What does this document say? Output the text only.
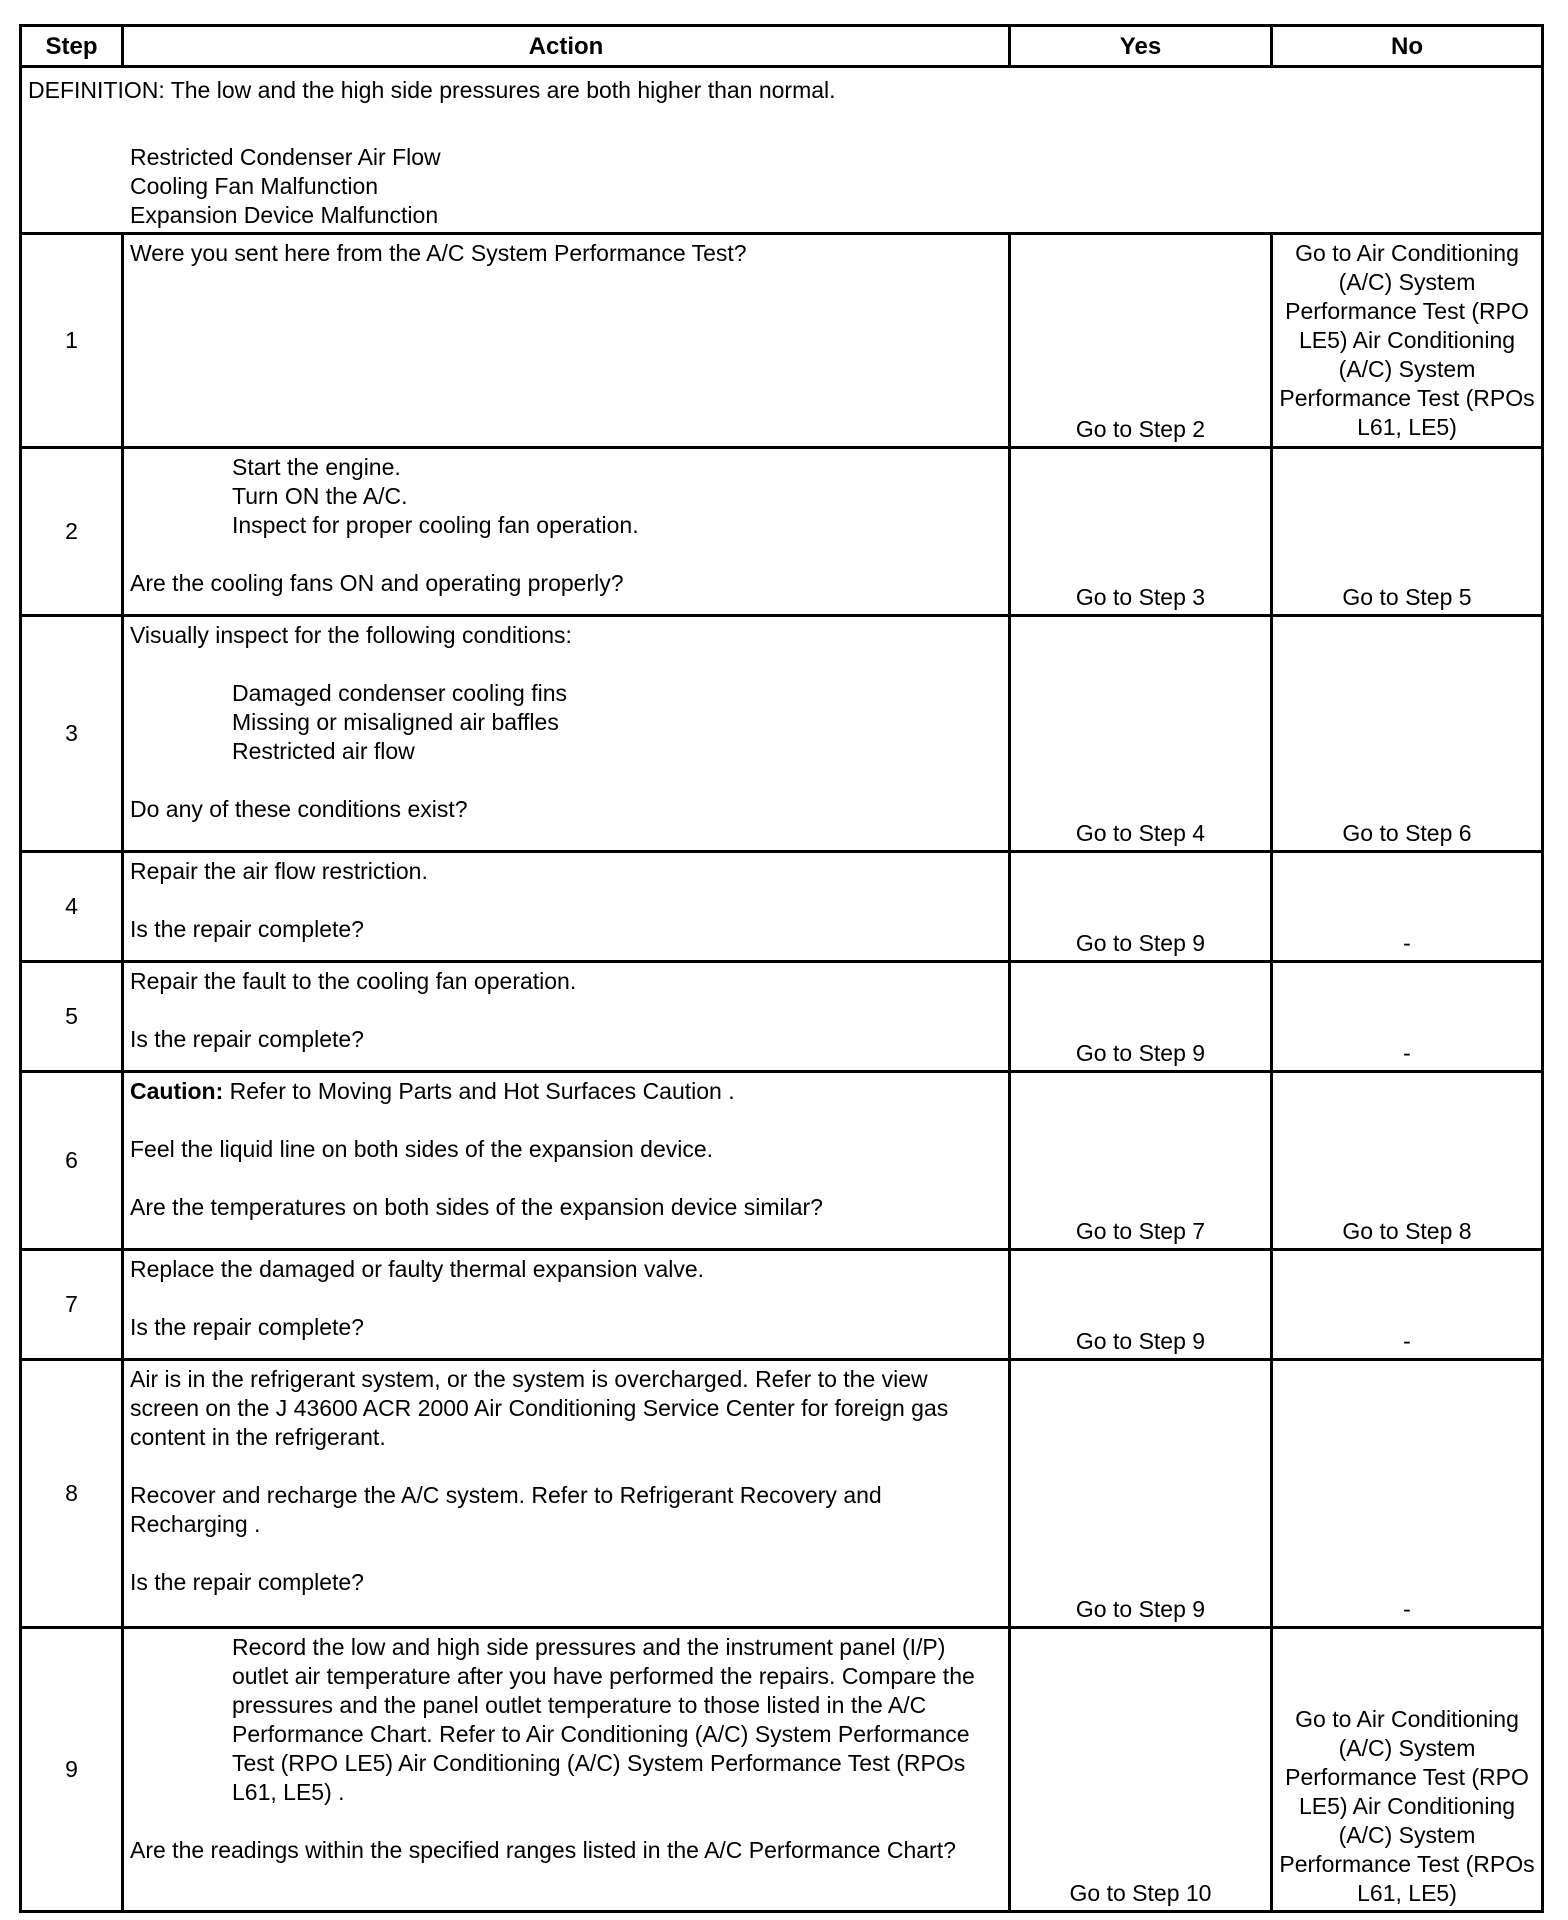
Step	Action	Yes	No

DEFINITION: The low and the high side pressures are both higher than normal.

Restricted Condenser Air Flow

Cooling Fan Malfunction

Expansion Device Malfunction			

1	Were you sent here from the A/C System Performance Test?	Go to Step 2	Go to Air Conditioning (A/C) System Performance Test (RPO LE5) Air Conditioning (A/C) System Performance Test (RPOs L61, LE5)
2	Start the engine.

Turn ON the A/C.

Inspect for proper cooling fan operation.

Are the cooling fans ON and operating properly?	Go to Step 3	Go to Step 5
3	Visually inspect for the following conditions:

Damaged condenser cooling fins

Missing or misaligned air baffles

Restricted air flow

Do any of these conditions exist?	Go to Step 4	Go to Step 6
4	Repair the air flow restriction.

Is the repair complete?	Go to Step 9	-
5	Repair the fault to the cooling fan operation.

Is the repair complete?	Go to Step 9	-
6	Caution: Refer to Moving Parts and Hot Surfaces Caution .

Feel the liquid line on both sides of the expansion device.

Are the temperatures on both sides of the expansion device similar?	Go to Step 7	Go to Step 8
7	Replace the damaged or faulty thermal expansion valve.

Is the repair complete?	Go to Step 9	-
8	Air is in the refrigerant system, or the system is overcharged. Refer to the view screen on the J 43600 ACR 2000 Air Conditioning Service Center for foreign gas content in the refrigerant.

Recover and recharge the A/C system. Refer to Refrigerant Recovery and Recharging .

Is the repair complete?	Go to Step 9	-
9	Record the low and high side pressures and the instrument panel (I/P) outlet air temperature after you have performed the repairs. Compare the pressures and the panel outlet temperature to those listed in the A/C Performance Chart. Refer to Air Conditioning (A/C) System Performance Test (RPO LE5) Air Conditioning (A/C) System Performance Test (RPOs L61, LE5) .

Are the readings within the specified ranges listed in the A/C Performance Chart?	Go to Step 10	Go to Air Conditioning (A/C) System Performance Test (RPO LE5) Air Conditioning (A/C) System Performance Test (RPOs L61, LE5)
